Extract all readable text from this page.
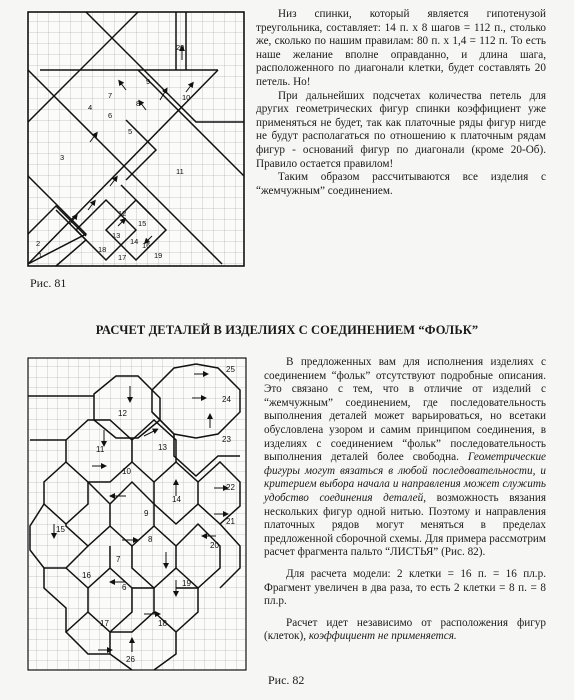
20
10
9
8
7
6
5
4
3
2
1
11
12
13
14
15
16
17
18
19
Рис. 81

Низ спинки, который является гипотенузой треугольника, составляет: 14 п. х 8 шагов = 112 п., столько же, сколько по нашим правилам: 80 п. х 1,4 = 112 п. То есть наше желание вполне оправданно, и длина шага, расположенного по диагонали клетки, будет составлять 20 петель. Но!

При дальнейших подсчетах количества петель для других геометрических фигур спинки коэффициент уже применяться не будет, так как платочные ряды фигур нигде не будут располагаться по отношению к платочным рядам фигур - оснований фигур по диагонали (кроме 20-Об). Правило остается правилом!

Таким образом рассчитываются все изделия с “жемчужным” соединением.

РАСЧЕТ ДЕТАЛЕЙ В ИЗДЕЛИЯХ С СОЕДИНЕНИЕМ “ФОЛЬК”
25
12
24
13
23
11
14
22
10
21
15
9
8
20
7
16
6	19
17	18
26

В предложенных вам для исполнения изделиях с соединением “фольк” отсутствуют подробные описания. Это связано с тем, что в отличие от изделий с “жемчужным” соединением, где последовательность выполнения деталей может варьироваться, но всетаки обусловлена узором и самим принципом соединения, в изделиях с соединением “фольк” последовательность выполнения деталей более свободна. Геометрические фигуры могут вязаться в любой последовательности, и критерием выбора начала и направления может служить удобство соединения деталей, возможность вязания нескольких фигур одной нитью. Поэтому и направления платочных рядов могут меняться в пределах предложенной сборочной схемы. Для примера рассмотрим расчет фрагмента пальто “ЛИСТЬЯ” (Рис. 82).

Для расчета модели: 2 клетки = 16 п. = 16 пл.р. Фрагмент увеличен в два раза, то есть 2 клетки = 8 п. = 8 пл.р.

Расчет идет независимо от расположения фигур (клеток), коэффициент не применяется.

Рис. 82
